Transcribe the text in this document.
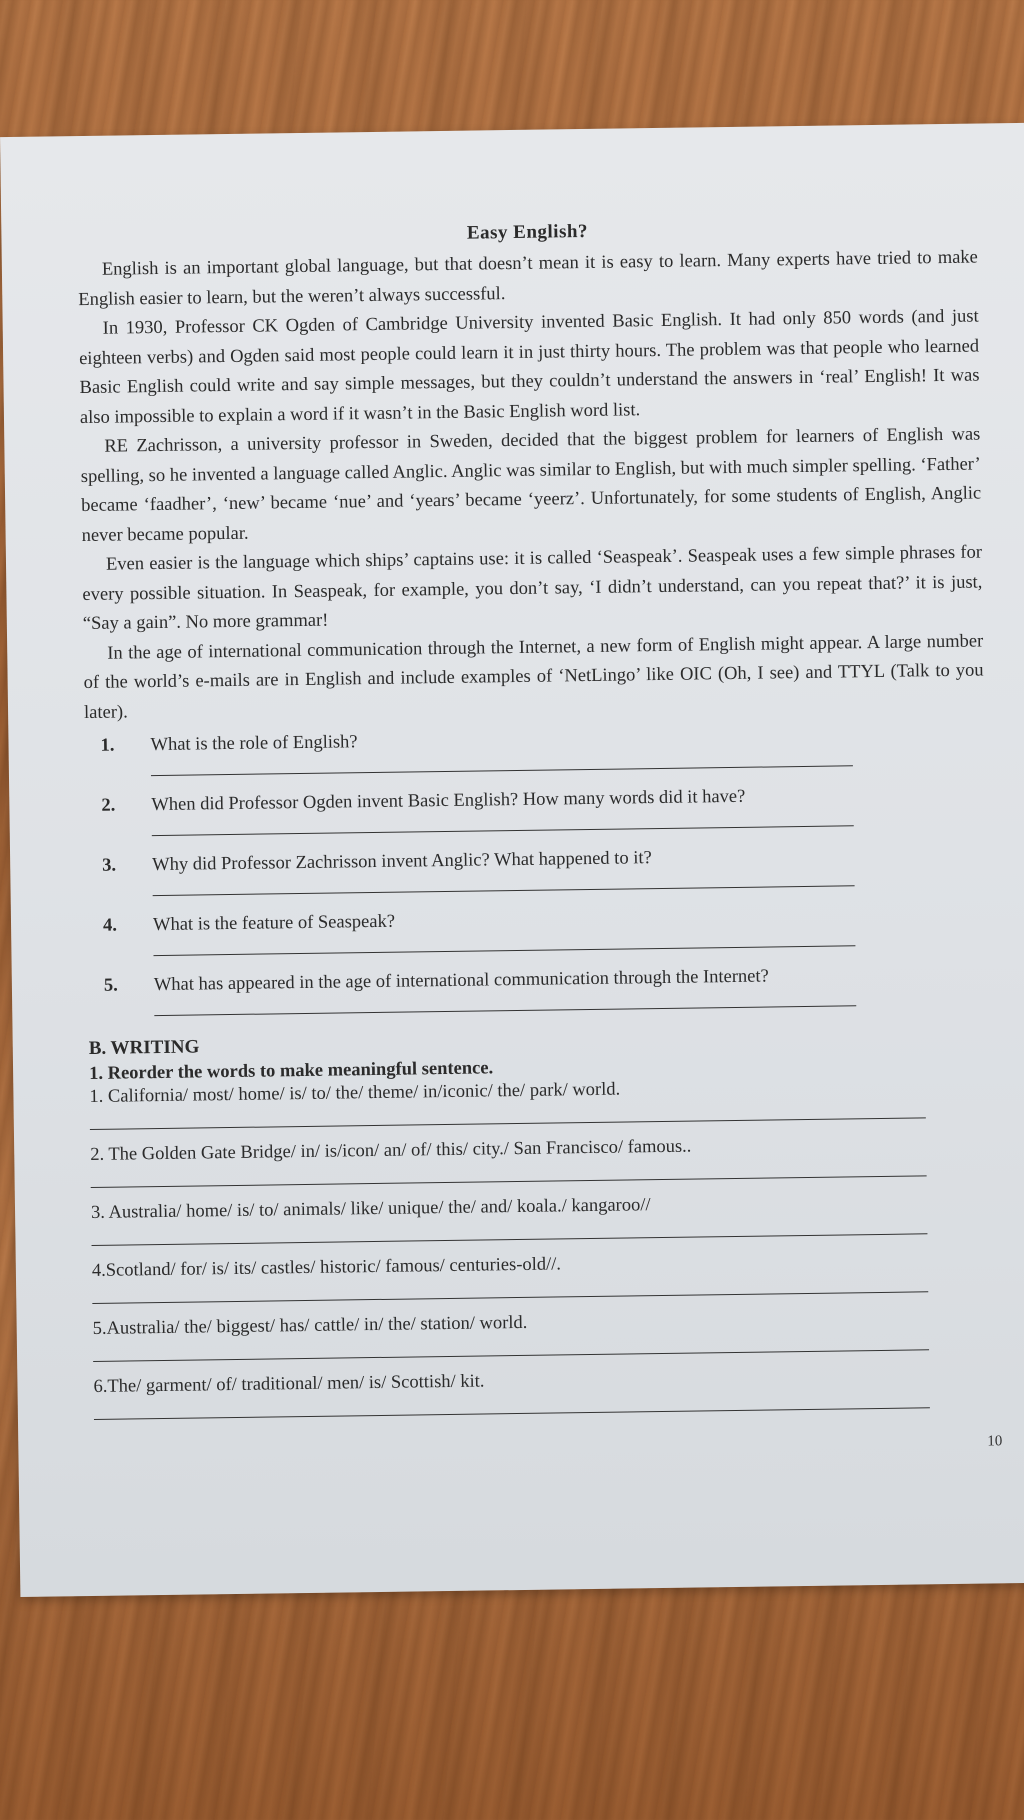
Easy English?

English is an important global language, but that doesn’t mean it is easy to learn. Many experts have tried to make English easier to learn, but the weren’t always successful.

In 1930, Professor CK Ogden of Cambridge University invented Basic English. It had only 850 words (and just eighteen verbs) and Ogden said most people could learn it in just thirty hours. The problem was that people who learned Basic English could write and say simple messages, but they couldn’t understand the answers in ‘real’ English! It was also impossible to explain a word if it wasn’t in the Basic English word list.

RE Zachrisson, a university professor in Sweden, decided that the biggest problem for learners of English was spelling, so he invented a language called Anglic. Anglic was similar to English, but with much simpler spelling. ‘Father’ became ‘faadher’, ‘new’ became ‘nue’ and ‘years’ became ‘yeerz’. Unfortunately, for some students of English, Anglic never became popular.

Even easier is the language which ships’ captains use: it is called ‘Seaspeak’. Seaspeak uses a few simple phrases for every possible situation. In Seaspeak, for example, you don’t say, ‘I didn’t understand, can you repeat that?’ it is just, “Say a gain”. No more grammar!

In the age of international communication through the Internet, a new form of English might appear. A large number of the world’s e-mails are in English and include examples of ‘NetLingo’ like OIC (Oh, I see) and TTYL (Talk to you later).

1. What is the role of English?
2. When did Professor Ogden invent Basic English? How many words did it have?
3. Why did Professor Zachrisson invent Anglic? What happened to it?
4. What is the feature of Seaspeak?
5. What has appeared in the age of international communication through the Internet?
B. WRITING
1. Reorder the words to make meaningful sentence.
1. California/ most/ home/ is/ to/ the/ theme/ in/iconic/ the/ park/ world.
2. The Golden Gate Bridge/ in/ is/icon/ an/ of/ this/ city./ San Francisco/ famous..
3. Australia/ home/ is/ to/ animals/ like/ unique/ the/ and/ koala./ kangaroo//
4.Scotland/ for/ is/ its/ castles/ historic/ famous/ centuries-old//.
5.Australia/ the/ biggest/ has/ cattle/ in/ the/ station/ world.
6.The/ garment/ of/ traditional/ men/ is/ Scottish/ kit.
10
